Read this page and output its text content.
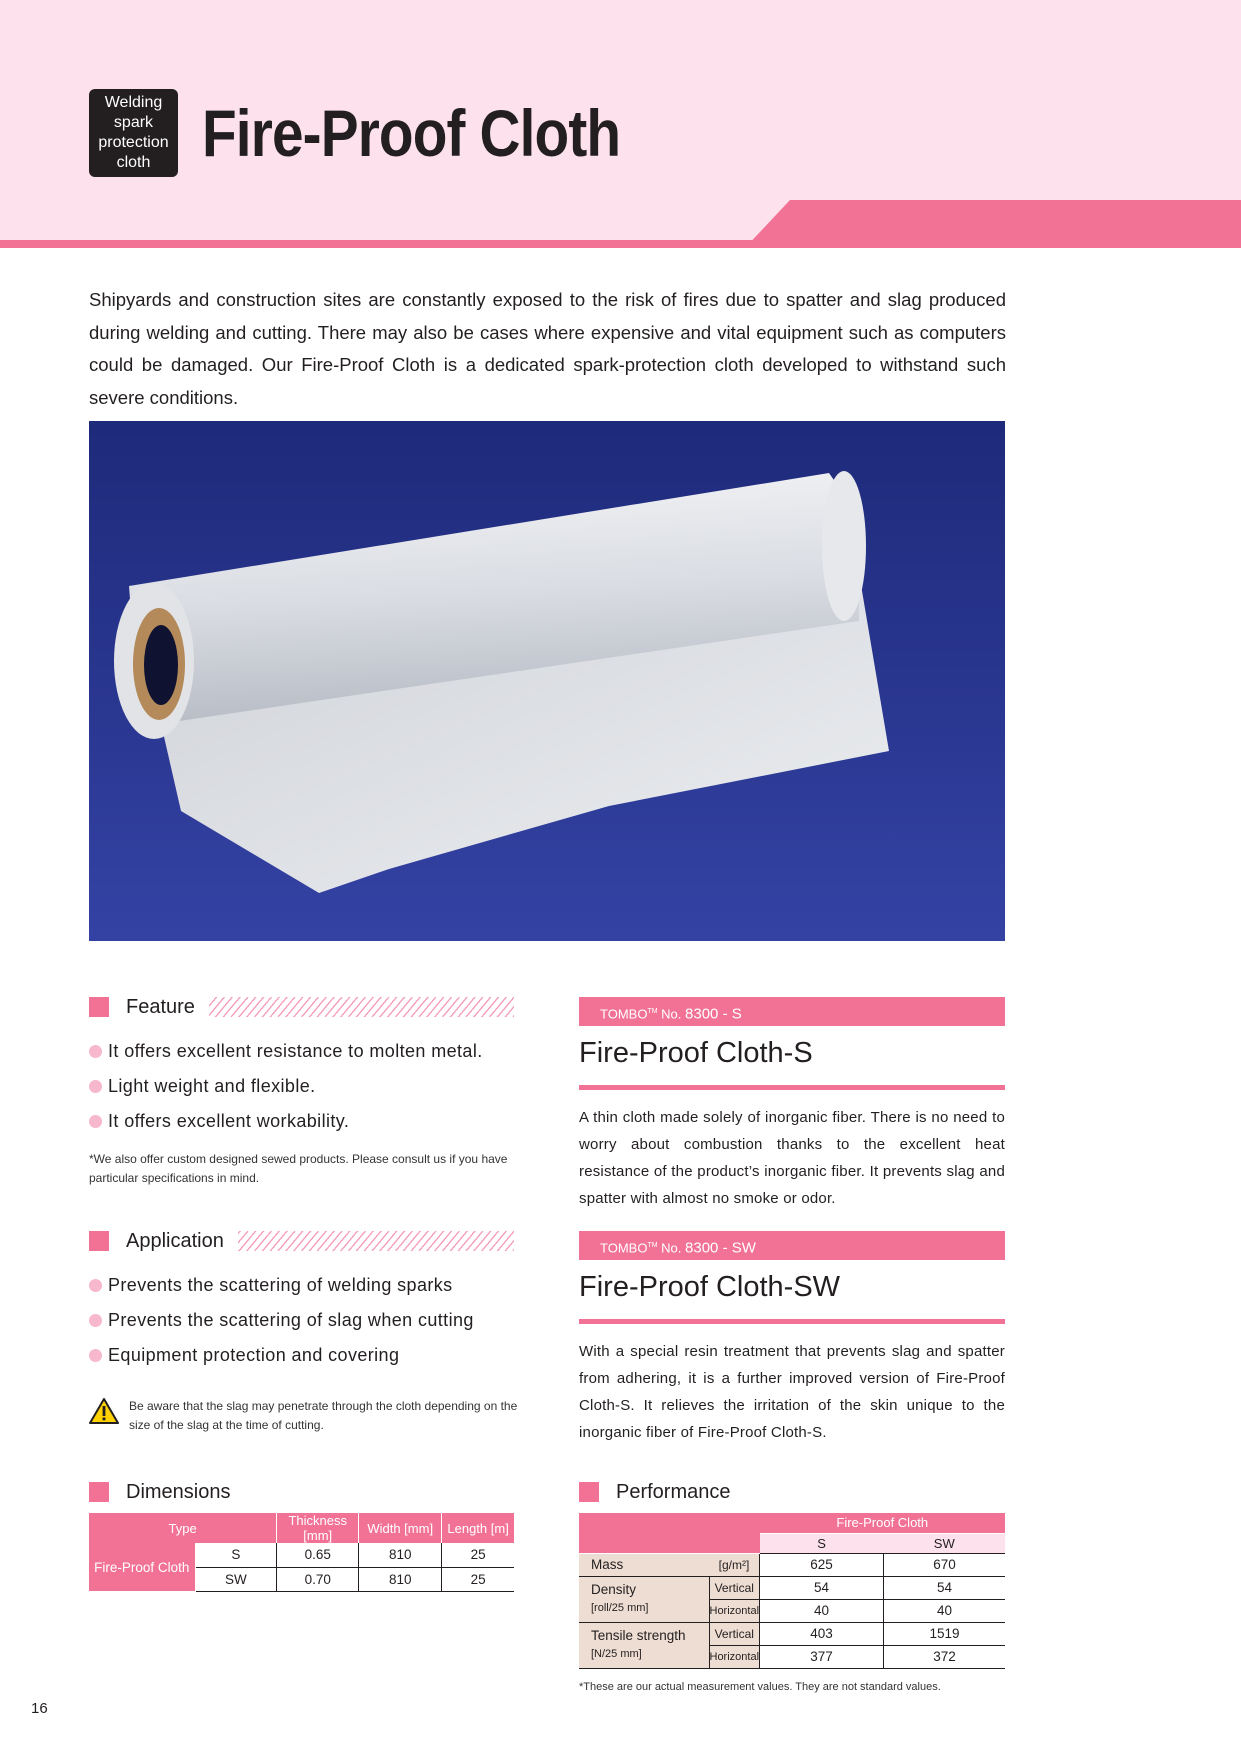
Welding
spark
protection
cloth Fire-Proof Cloth

Shipyards and construction sites are constantly exposed to the risk of fires due to spatter and slag produced during welding and cutting. There may also be cases where expensive and vital equipment such as computers could be damaged. Our Fire-Proof Cloth is a dedicated spark-protection cloth developed to withstand such severe conditions.

Feature
It offers excellent resistance to molten metal.
Light weight and flexible.
It offers excellent workability.

*We also offer custom designed sewed products. Please consult us if you have particular specifications in mind.

Application
Prevents the scattering of welding sparks
Prevents the scattering of slag when cutting
Equipment protection and covering

Be aware that the slag may penetrate through the cloth depending on the size of the slag at the time of cutting.

TOMBO™ No. 8300 - S
Fire-Proof Cloth-S

A thin cloth made solely of inorganic fiber. There is no need to worry about combustion thanks to the excellent heat resistance of the product’s inorganic fiber. It prevents slag and spatter with almost no smoke or odor.

TOMBO™ No. 8300 - SW
Fire-Proof Cloth-SW

With a special resin treatment that prevents slag and spatter from adhering, it is a further improved version of Fire-Proof Cloth-S. It relieves the irritation of the skin unique to the inorganic fiber of Fire-Proof Cloth-S.

Dimensions
Type		Thickness [mm]	Width [mm]	Length [m]
Fire-Proof Cloth	S	0.65	810	25
	SW	0.70	810	25
Performance
		Fire-Proof Cloth	
		S	SW
Mass	[g/m²]	625	670
Density
[roll/25 mm]	Vertical	54	54
	Horizontal	40	40
Tensile strength
[N/25 mm]	Vertical	403	1519
	Horizontal	377	372

*These are our actual measurement values. They are not standard values.

16
